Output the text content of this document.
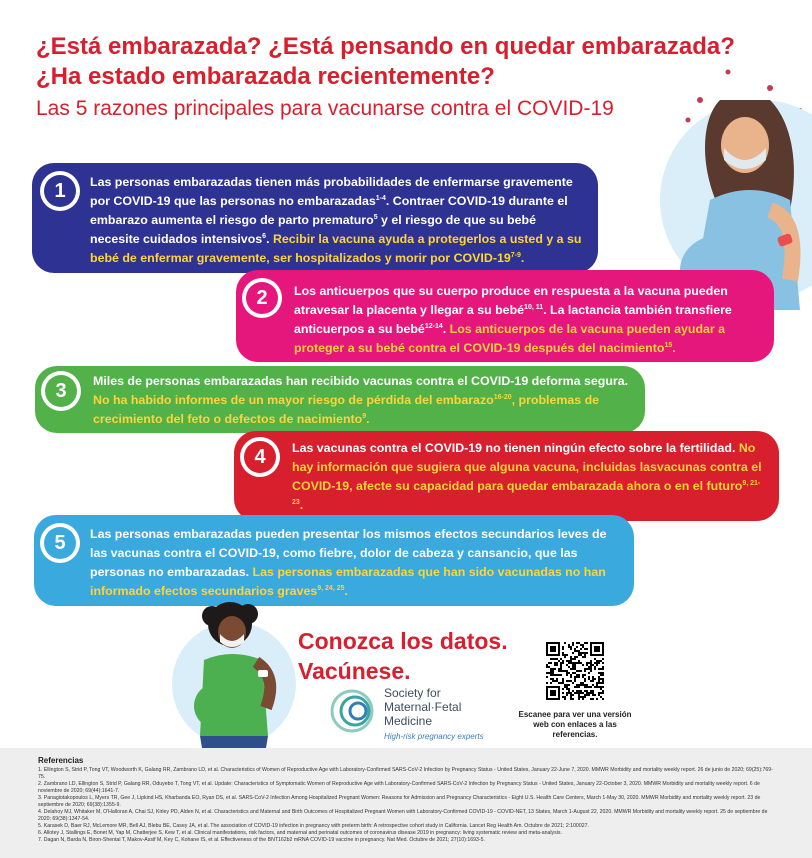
¿Está embarazada? ¿Está pensando en quedar embarazada? ¿Ha estado embarazada recientemente?
Las 5 razones principales para vacunarse contra el COVID-19
1	Las personas embarazadas tienen más probabilidades de enfermarse gravemente por COVID-19 que las personas no embarazadas$^{1-4}$. Contraer COVID-19 durante el embarazo aumenta el riesgo de parto prematuro$^5$ y el riesgo de que su bebé necesite cuidados intensivos$^6$. Recibir la vacuna ayuda a protegerlos a usted y a su bebé de enfermar gravemente, ser hospitalizados y morir por COVID-19$^{7-9}$.
2	Los anticuerpos que su cuerpo produce en respuesta a la vacuna pueden atravesar la placenta y llegar a su bebé$^{10, 11}$. La lactancia también transfiere anticuerpos a su bebé$^{12-14}$. Los anticuerpos de la vacuna pueden ayudar a proteger a su bebé contra el COVID-19 después del nacimiento$^{15}$.
3	Miles de personas embarazadas han recibido vacunas contra el COVID-19 deforma segura. No ha habido informes de un mayor riesgo de pérdida del embarazo$^{16-20}$, problemas de crecimiento del feto o defectos de nacimiento$^9$.
4	Las vacunas contra el COVID-19 no tienen ningún efecto sobre la fertilidad. No hay información que sugiera que alguna vacuna, incluidas lasvacunas contra el COVID-19, afecte su capacidad para quedar embarazada ahora o en el futuro$^{9, 21-23}$.
5	Las personas embarazadas pueden presentar los mismos efectos secundarios leves de las vacunas contra el COVID-19, como fiebre, dolor de cabeza y cansancio, que las personas no embarazadas. Las personas embarazadas que han sido vacunadas no han informado efectos secundarios graves$^{9, 24, 25}$.
Conozca los datos.
Vacúnese.
Society for
Maternal·Fetal
Medicine
High-risk pregnancy experts
Escanee para ver una versión web con enlaces a las referencias.
Referencias
1. Ellington S, Strid P, Tong VT, Woodworth K, Galang RR, Zambrano LD, et al. Characteristics of Women of Reproductive Age with Laboratory-Confirmed SARS-CoV-2 Infection by Pregnancy Status - United States, January 22-June 7, 2020. MMWR Morbidity and mortality weekly report. 26 de junio de 2020; 69(25):769-75.
2. Zambrano LD, Ellington S, Strid P, Galang RR, Oduyebo T, Tong VT, et al. Update: Characteristics of Symptomatic Women of Reproductive Age with Laboratory-Confirmed SARS-CoV-2 Infection by Pregnancy Status - United States, January 22-October 3, 2020. MMWR Morbidity and mortality weekly report. 6 de noviembre de 2020; 69(44):1641-7.
3. Panagiotakopoulos L, Myers TR, Gee J, Lipkind HS, Kharbanda EO, Ryan DS, et al. SARS-CoV-2 Infection Among Hospitalized Pregnant Women: Reasons for Admission and Pregnancy Characteristics - Eight U.S. Health Care Centers, March 1-May 30, 2020. MMWR Morbidity and mortality weekly report. 23 de septiembre de 2020; 69(38):1355-9.
4. Delahoy MJ, Whitaker M, O'Halloran A, Chai SJ, Kirley PD, Alden N, et al. Characteristics and Maternal and Birth Outcomes of Hospitalized Pregnant Women with Laboratory-Confirmed COVID-19 - COVID-NET, 13 States, March 1-August 22, 2020. MMWR Morbidity and mortality weekly report. 25 de septiembre de 2020; 69(38):1347-54.
5. Karasek D, Baer RJ, McLemore MR, Bell AJ, Blebu BE, Casey JA, et al. The association of COVID-19 infection in pregnancy with preterm birth: A retrospective cohort study in California. Lancet Reg Health Am. Octubre de 2021; 2:100027.
6. Allotey J, Stallings E, Bonet M, Yap M, Chatterjee S, Kew T, et al. Clinical manifestations, risk factors, and maternal and perinatal outcomes of coronavirus disease 2019 in pregnancy: living systematic review and meta-analysis.
7. Dagan N, Barda N, Biron-Shental T, Makov-Assif M, Key C, Kohane IS, et al. Effectiveness of the BNT162b2 mRNA COVID-19 vaccine in pregnancy. Nat Med. Octubre de 2021; 27(10):1693-5.
